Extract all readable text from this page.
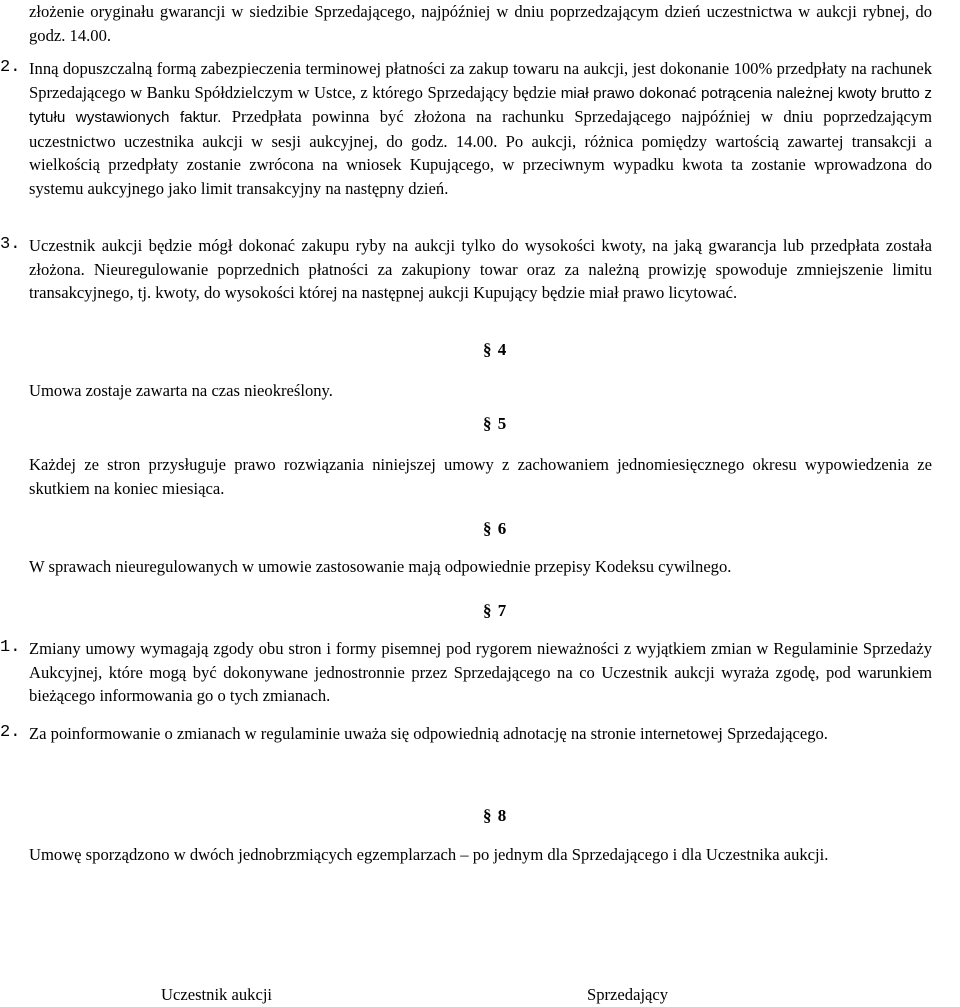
złożenie oryginału gwarancji w siedzibie Sprzedającego, najpóźniej w dniu poprzedzającym dzień uczestnictwa w aukcji rybnej, do godz. 14.00.

2. Inną dopuszczalną formą zabezpieczenia terminowej płatności za zakup towaru na aukcji, jest dokonanie 100% przedpłaty na rachunek Sprzedającego w Banku Spółdzielczym w Ustce, z którego Sprzedający będzie miał prawo dokonać potrącenia należnej kwoty brutto z tytułu wystawionych faktur. Przedpłata powinna być złożona na rachunku Sprzedającego najpóźniej w dniu poprzedzającym uczestnictwo uczestnika aukcji w sesji aukcyjnej, do godz. 14.00. Po aukcji, różnica pomiędzy wartością zawartej transakcji a wielkością przedpłaty zostanie zwrócona na wniosek Kupującego, w przeciwnym wypadku kwota ta zostanie wprowadzona do systemu aukcyjnego jako limit transakcyjny na następny dzień.

3. Uczestnik aukcji będzie mógł dokonać zakupu ryby na aukcji tylko do wysokości kwoty, na jaką gwarancja lub przedpłata została złożona. Nieuregulowanie poprzednich płatności za zakupiony towar oraz za należną prowizję spowoduje zmniejszenie limitu transakcyjnego, tj. kwoty, do wysokości której na następnej aukcji Kupujący będzie miał prawo licytować.

§ 4

Umowa zostaje zawarta na czas nieokreślony.

§ 5

Każdej ze stron przysługuje prawo rozwiązania niniejszej umowy z zachowaniem jednomiesięcznego okresu wypowiedzenia ze skutkiem na koniec miesiąca.

§ 6

W sprawach nieuregulowanych w umowie zastosowanie mają odpowiednie przepisy Kodeksu cywilnego.

§ 7
1. Zmiany umowy wymagają zgody obu stron i formy pisemnej pod rygorem nieważności z wyjątkiem zmian w Regulaminie Sprzedaży Aukcyjnej, które mogą być dokonywane jednostronnie przez Sprzedającego na co Uczestnik aukcji wyraża zgodę, pod warunkiem bieżącego informowania go o tych zmianach.

2. Za poinformowanie o zmianach w regulaminie uważa się odpowiednią adnotację na stronie internetowej Sprzedającego.

§ 8

Umowę sporządzono w dwóch jednobrzmiących egzemplarzach – po jednym dla Sprzedającego i dla Uczestnika aukcji.

Uczestnik aukcji	Sprzedający
